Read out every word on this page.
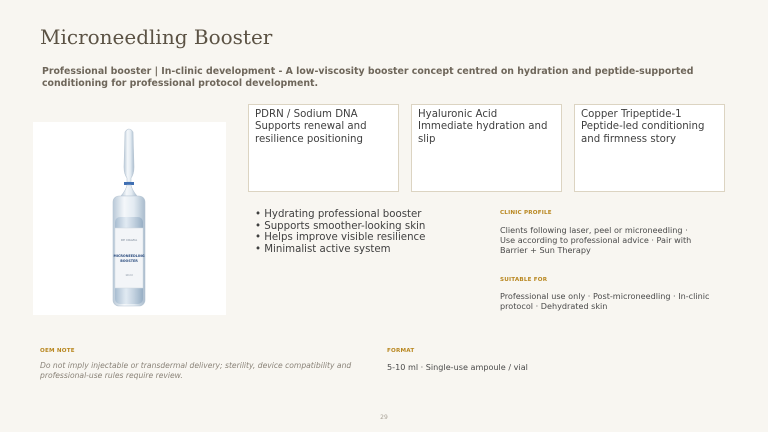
Microneedling Booster

Professional booster | In-clinic development - A low-viscosity booster concept centred on hydration and peptide-supported conditioning for professional protocol development.

DE CRAZIA
MICRONEEDLING
BOOSTER
10 ml
PDRN / Sodium DNA Supports renewal and resilience positioning
Hyaluronic Acid Immediate hydration and slip
Copper Tripeptide-1 Peptide-led conditioning and firmness story
• Hydrating professional booster
• Supports smoother-looking skin
• Helps improve visible resilience
• Minimalist active system
CLINIC PROFILE
Clients following laser, peel or microneedling · Use according to professional advice · Pair with Barrier + Sun Therapy
SUITABLE FOR
Professional use only · Post-microneedling · In-clinic protocol · Dehydrated skin
OEM NOTE
Do not imply injectable or transdermal delivery; sterility, device compatibility and professional-use rules require review.
FORMAT
5-10 ml · Single-use ampoule / vial
29
